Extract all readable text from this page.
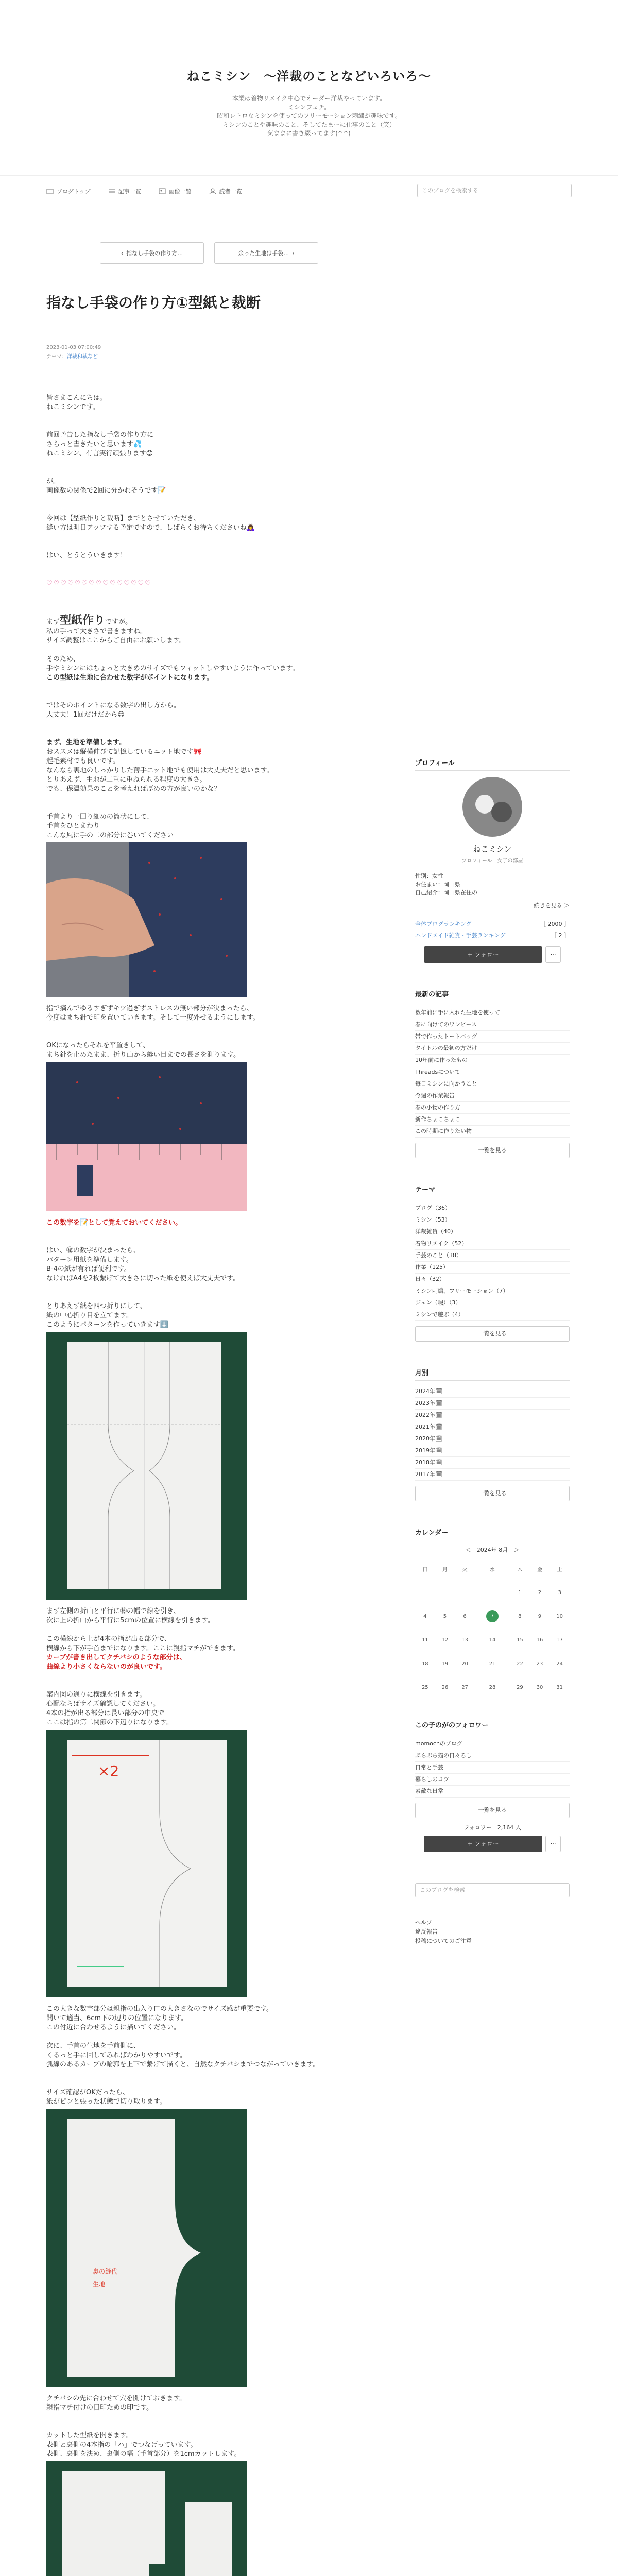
ねこミシン　〜洋裁のことなどいろいろ〜
本業は着物リメイク中心でオーダー洋裁やっています。
ミシンフェチ。
昭和レトロなミシンを使ってのフリーモーション刺繍が趣味です。
ミシンのことや趣味のこと、そしてたまーに仕事のこと（笑）
気ままに書き綴ってます(^^)
ブログトップ	記事一覧	画像一覧	読者一覧	このブログを検索する
‹ 指なし手袋の作り方…	余った生地は手袋… ›
指なし手袋の作り方①型紙と裁断
2023-01-03 07:00:49
テーマ：洋裁和裁など

皆さまこんにちは。

ねこミシンです。

前回予告した指なし手袋の作り方に

さらっと書きたいと思います💦

ねこミシン、有言実行頑張ります😊

が。

画像数の関係で2回に分かれそうです📝

今回は【型紙作りと裁断】までとさせていただき、

縫い方は明日アップする予定ですので、しばらくお待ちくださいね🙇‍♀️

はい、とうとういきます！

♡♡♡♡♡♡♡♡♡♡♡♡♡♡♡

まず型紙作りですが。

私の手って大きさで書きますね。

サイズ調整はここからご自由にお願いします。

そのため、

手やミシンにはちょっと大きめのサイズでもフィットしやすいように作っています。

この型紙は生地に合わせた数字がポイントになります。

ではそのポイントになる数字の出し方から。

大丈夫！1回だけだから😊

まず、生地を準備します。

おススメは縦横伸びて記憶しているニット地です🎀

起毛素材でも良いです。

なんなら裏地のしっかりした薄手ニット地でも使用は大丈夫だと思います。

とりあえず、生地が二重に重ねられる程度の大きさ。

でも、保温効果のことを考えれば厚めの方が良いのかな？

手首より一回り細めの筒状にして、

手首をひとまわり

こんな風に手の二の部分に巻いてください

指で摘んでゆるすぎずキツ過ぎずストレスの無い部分が決まったら、

今度はまち針で印を置いていきます。そして一度外せるようにします。

OKになったらそれを平置きして、

まち針を止めたまま、折り山から縫い目までの長さを測ります。

この数字を📝として覚えておいてください。

はい、㊙の数字が決まったら、

パターン用紙を準備します。

B-4の紙が有れば便利です。

なければA4を2枚繋げて大きさに切った紙を使えば大丈夫です。

とりあえず紙を四つ折りにして、

紙の中心折り目を立てます。

このようにパターンを作っていきます⬇️

まず左側の折山と平行に㊙の幅で線を引き、

次に上の折山から平行に5cmの位置に横線を引きます。

この横線から上が4本の指が出る部分で、

横線から下が手首までになります。ここに親指マチができます。

カーブが書き出してクチバシのような部分は、

曲線より小さくならないのが良いです。

案内図の通りに横線を引きます。

心配ならばサイズ確認してください。

4本の指が出る部分は長い部分の中央で

ここは指の第二関節の下辺りになります。

×2

この大きな数字部分は親指の出入り口の大きさなのでサイズ感が重要です。

開いて適当、6cm下の辺りの位置になります。

この付近に合わせるように描いてください。

次に、手首の生地を手前側に、

くるっと手に回してみればわかりやすいです。

弧線のあるカーブの輪郭を上下で繋げて描くと、自然なクチバシまでつながっていきます。

サイズ確認がOKだったら、

紙がピンと張った状態で切り取ります。

裏の縫代
生地

クチバシの先に合わせて穴を開けておきます。

親指マチ付けの目印ための印です。

カットした型紙を開きます。

表側と裏側の4本指の「ハ」でつなげっています。

表側、裏側を決め、裏側の幅（手首部分）を1cmカットします。

プロフィール
ねこミシン
プロフィール　女子の部屋
性別：女性
お住まい：岡山県
自己紹介：岡山県在住の
続きを見る ＞
全体ブログランキング	［ 2000 ］
ハンドメイド雑貨・手芸ランキング	［ 2 ］
+ フォロー	⋯
最新の記事
数年前に手に入れた生地を使って
春に向けてのワンピース
帯で作ったトートバッグ
タイトルの最初の方だけ
10年前に作ったもの
Threadsについて
毎日ミシンに向かうこと
今週の作業報告
春の小物の作り方
新作ちょこちょこ
この時期に作りたい物
一覧を見る
テーマ
ブログ（36）
ミシン（53）
洋裁雑貨（40）
着物リメイク（52）
手芸のこと（38）
作業（125）
日々（32）
ミシン刺繍、フリーモーション（7）
ジェン（暇）（3）
ミシンで遊ぶ（4）
一覧を見る
月別
2024年🗓
2023年🗓
2022年🗓
2021年🗓
2020年🗓
2019年🗓
2018年🗓
2017年🗓
一覧を見る
カレンダー
＜　2024年 8月　＞
日	月	火	水	木	金	土
				1	2	3
4	5	6	7	8	9	10
11	12	13	14	15	16	17
18	19	20	21	22	23	24
25	26	27	28	29	30	31
この子のがのフォロワー
momochのブログ
ぷらぷら猫の日々ろし
日常と手芸
暮らしのコツ
素敵な日常
一覧を見る
フォロワー　2,164 人
+ フォロー	⋯
このブログを検索
ヘルプ
違反報告
投稿についてのご注意
